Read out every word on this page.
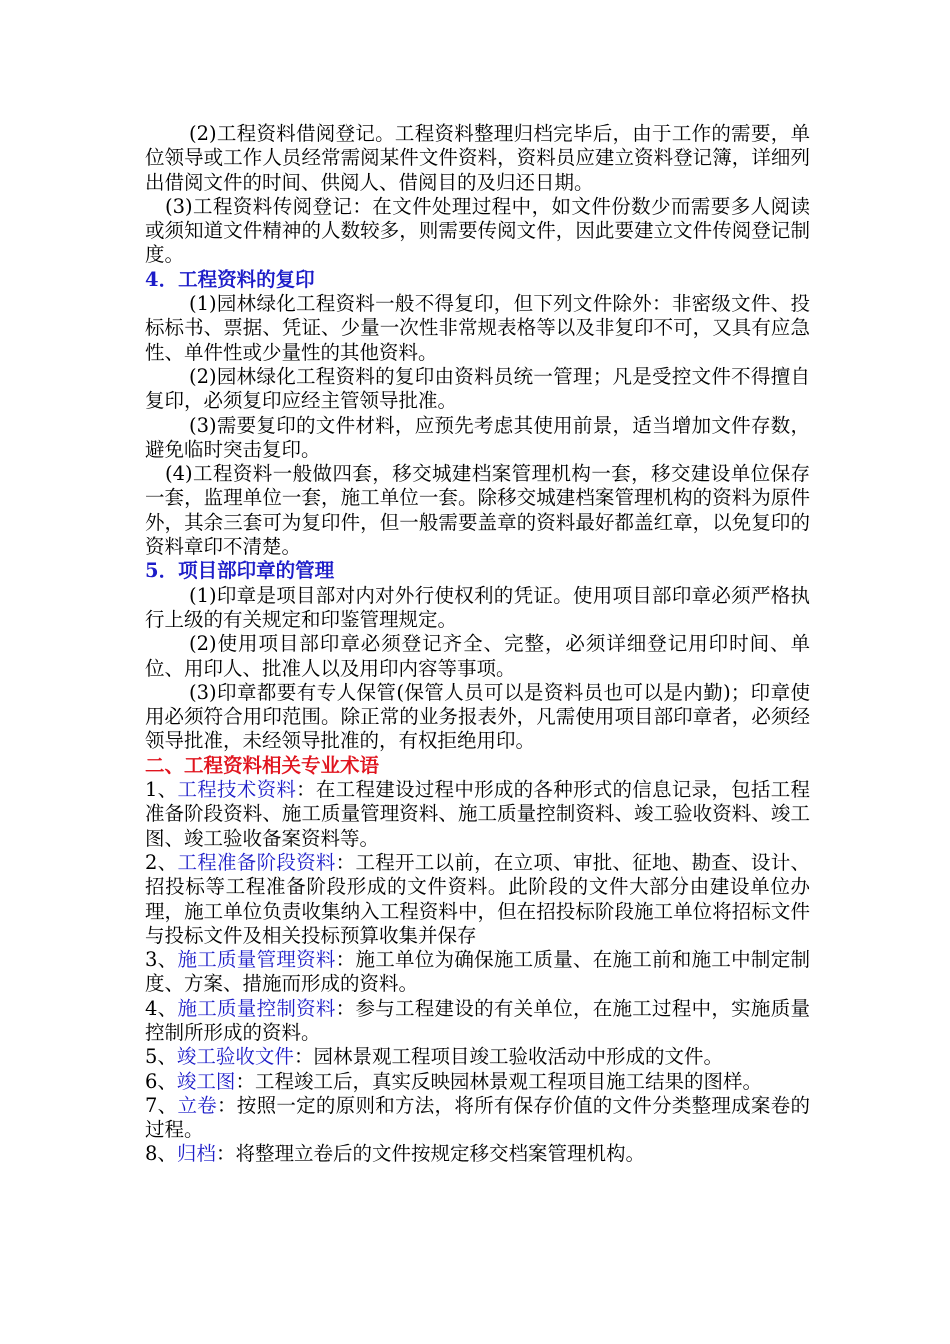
(2)工程资料借阅登记。工程资料整理归档完毕后，由于工作的需要，单位领导或工作人员经常需阅某件文件资料，资料员应建立资料登记簿，详细列出借阅文件的时间、供阅人、借阅目的及归还日期。

(3)工程资料传阅登记：在文件处理过程中，如文件份数少而需要多人阅读或须知道文件精神的人数较多，则需要传阅文件，因此要建立文件传阅登记制度。

4．工程资料的复印

(1)园林绿化工程资料一般不得复印，但下列文件除外：非密级文件、投标标书、票据、凭证、少量一次性非常规表格等以及非复印不可，又具有应急性、单件性或少量性的其他资料。

(2)园林绿化工程资料的复印由资料员统一管理；凡是受控文件不得擅自复印，必须复印应经主管领导批准。

(3)需要复印的文件材料，应预先考虑其使用前景，适当增加文件存数，避免临时突击复印。

(4)工程资料一般做四套，移交城建档案管理机构一套，移交建设单位保存一套，监理单位一套，施工单位一套。除移交城建档案管理机构的资料为原件外，其余三套可为复印件，但一般需要盖章的资料最好都盖红章，以免复印的资料章印不清楚。

5．项目部印章的管理

(1)印章是项目部对内对外行使权利的凭证。使用项目部印章必须严格执行上级的有关规定和印鉴管理规定。

(2)使用项目部印章必须登记齐全、完整，必须详细登记用印时间、单位、用印人、批准人以及用印内容等事项。

(3)印章都要有专人保管(保管人员可以是资料员也可以是内勤)；印章使用必须符合用印范围。除正常的业务报表外，凡需使用项目部印章者，必须经领导批准，未经领导批准的，有权拒绝用印。

二、工程资料相关专业术语

1、工程技术资料：在工程建设过程中形成的各种形式的信息记录，包括工程准备阶段资料、施工质量管理资料、施工质量控制资料、竣工验收资料、竣工图、竣工验收备案资料等。

2、工程准备阶段资料：工程开工以前，在立项、审批、征地、勘查、设计、招投标等工程准备阶段形成的文件资料。此阶段的文件大部分由建设单位办理，施工单位负责收集纳入工程资料中，但在招投标阶段施工单位将招标文件与投标文件及相关投标预算收集并保存

3、施工质量管理资料：施工单位为确保施工质量、在施工前和施工中制定制度、方案、措施而形成的资料。

4、施工质量控制资料：参与工程建设的有关单位，在施工过程中，实施质量控制所形成的资料。

5、竣工验收文件：园林景观工程项目竣工验收活动中形成的文件。

6、竣工图：工程竣工后，真实反映园林景观工程项目施工结果的图样。

7、立卷：按照一定的原则和方法，将所有保存价值的文件分类整理成案卷的过程。

8、归档：将整理立卷后的文件按规定移交档案管理机构。
